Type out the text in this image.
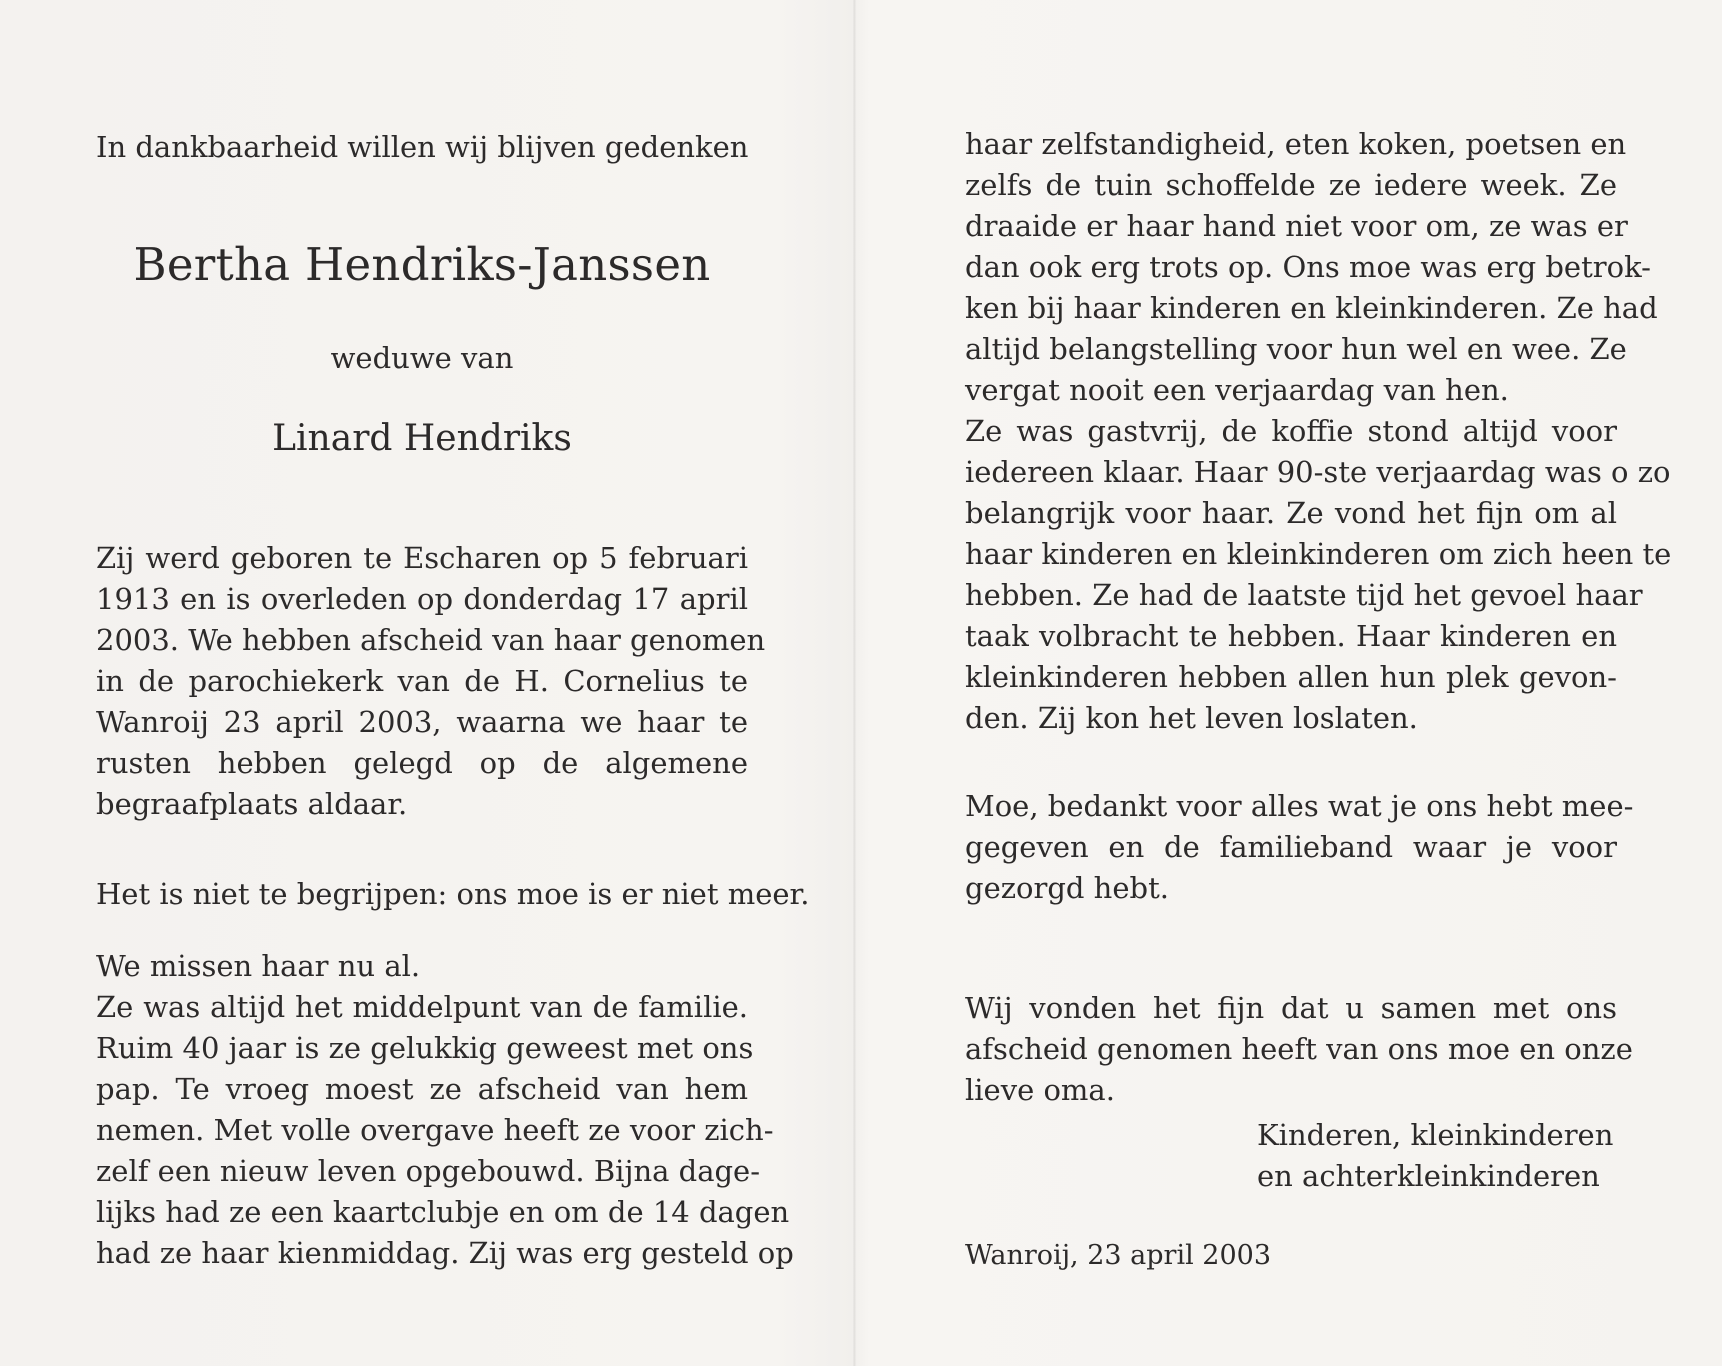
In dankbaarheid willen wij blijven gedenken
Bertha Hendriks-Janssen
weduwe van
Linard Hendriks
Zij werd geboren te Escharen op 5 februari
1913 en is overleden op donderdag 17 april
2003. We hebben afscheid van haar genomen
in de parochiekerk van de H. Cornelius te
Wanroij 23 april 2003, waarna we haar te
rusten hebben gelegd op de algemene
begraafplaats aldaar.
Het is niet te begrijpen: ons moe is er niet meer.
We missen haar nu al.
Ze was altijd het middelpunt van de familie.
Ruim 40 jaar is ze gelukkig geweest met ons
pap. Te vroeg moest ze afscheid van hem
nemen. Met volle overgave heeft ze voor zich-
zelf een nieuw leven opgebouwd. Bijna dage-
lijks had ze een kaartclubje en om de 14 dagen
had ze haar kienmiddag. Zij was erg gesteld op
haar zelfstandigheid, eten koken, poetsen en
zelfs de tuin schoffelde ze iedere week. Ze
draaide er haar hand niet voor om, ze was er
dan ook erg trots op. Ons moe was erg betrok-
ken bij haar kinderen en kleinkinderen. Ze had
altijd belangstelling voor hun wel en wee. Ze
vergat nooit een verjaardag van hen.
Ze was gastvrij, de koffie stond altijd voor
iedereen klaar. Haar 90-ste verjaardag was o zo
belangrijk voor haar. Ze vond het fijn om al
haar kinderen en kleinkinderen om zich heen te
hebben. Ze had de laatste tijd het gevoel haar
taak volbracht te hebben. Haar kinderen en
kleinkinderen hebben allen hun plek gevon-
den. Zij kon het leven loslaten.
Moe, bedankt voor alles wat je ons hebt mee-
gegeven en de familieband waar je voor
gezorgd hebt.
Wij vonden het fijn dat u samen met ons
afscheid genomen heeft van ons moe en onze
lieve oma.
Kinderen, kleinkinderen
en achterkleinkinderen
Wanroij, 23 april 2003
